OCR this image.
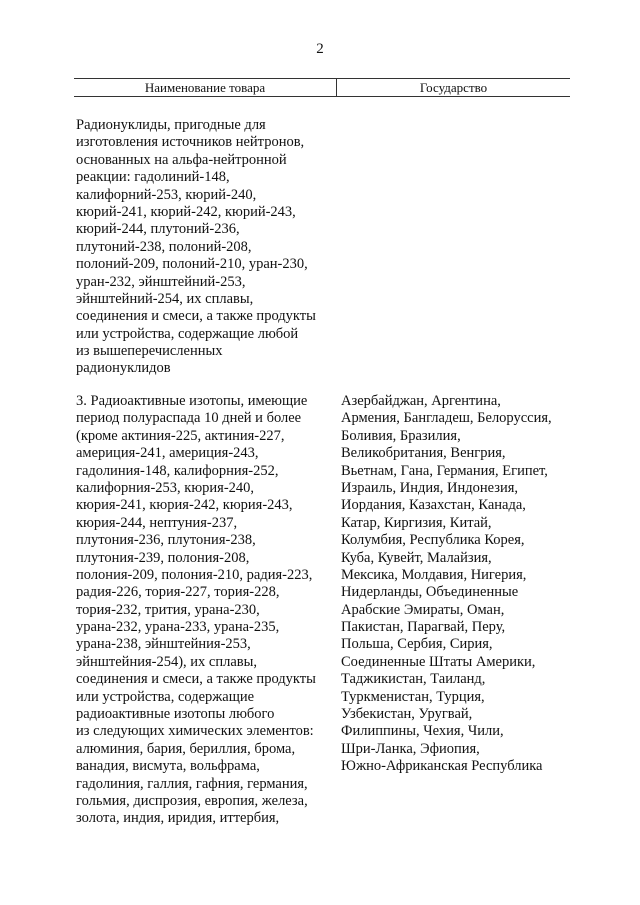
2
Наименование товара	Государство
Радионуклиды, пригодные для
изготовления источников нейтронов,
основанных на альфа-нейтронной
реакции: гадолиний-148,
калифорний-253, кюрий-240,
кюрий-241, кюрий-242, кюрий-243,
кюрий-244, плутоний-236,
плутоний-238, полоний-208,
полоний-209, полоний-210, уран-230,
уран-232, эйнштейний-253,
эйнштейний-254, их сплавы,
соединения и смеси, а также продукты
или устройства, содержащие любой
из вышеперечисленных
радионуклидов
3. Радиоактивные изотопы, имеющие
период полураспада 10 дней и более
(кроме актиния-225, актиния-227,
америция-241, америция-243,
гадолиния-148, калифорния-252,
калифорния-253, кюрия-240,
кюрия-241, кюрия-242, кюрия-243,
кюрия-244, нептуния-237,
плутония-236, плутония-238,
плутония-239, полония-208,
полония-209, полония-210, радия-223,
радия-226, тория-227, тория-228,
тория-232, трития, урана-230,
урана-232, урана-233, урана-235,
урана-238, эйнштейния-253,
эйнштейния-254), их сплавы,
соединения и смеси, а также продукты
или устройства, содержащие
радиоактивные изотопы любого
из следующих химических элементов:
алюминия, бария, бериллия, брома,
ванадия, висмута, вольфрама,
гадолиния, галлия, гафния, германия,
гольмия, диспрозия, европия, железа,
золота, индия, иридия, иттербия,
Азербайджан, Аргентина,
Армения, Бангладеш, Белоруссия,
Боливия, Бразилия,
Великобритания, Венгрия,
Вьетнам, Гана, Германия, Египет,
Израиль, Индия, Индонезия,
Иордания, Казахстан, Канада,
Катар, Киргизия, Китай,
Колумбия, Республика Корея,
Куба, Кувейт, Малайзия,
Мексика, Молдавия, Нигерия,
Нидерланды, Объединенные
Арабские Эмираты, Оман,
Пакистан, Парагвай, Перу,
Польша, Сербия, Сирия,
Соединенные Штаты Америки,
Таджикистан, Таиланд,
Туркменистан, Турция,
Узбекистан, Уругвай,
Филиппины, Чехия, Чили,
Шри-Ланка, Эфиопия,
Южно-Африканская Республика
